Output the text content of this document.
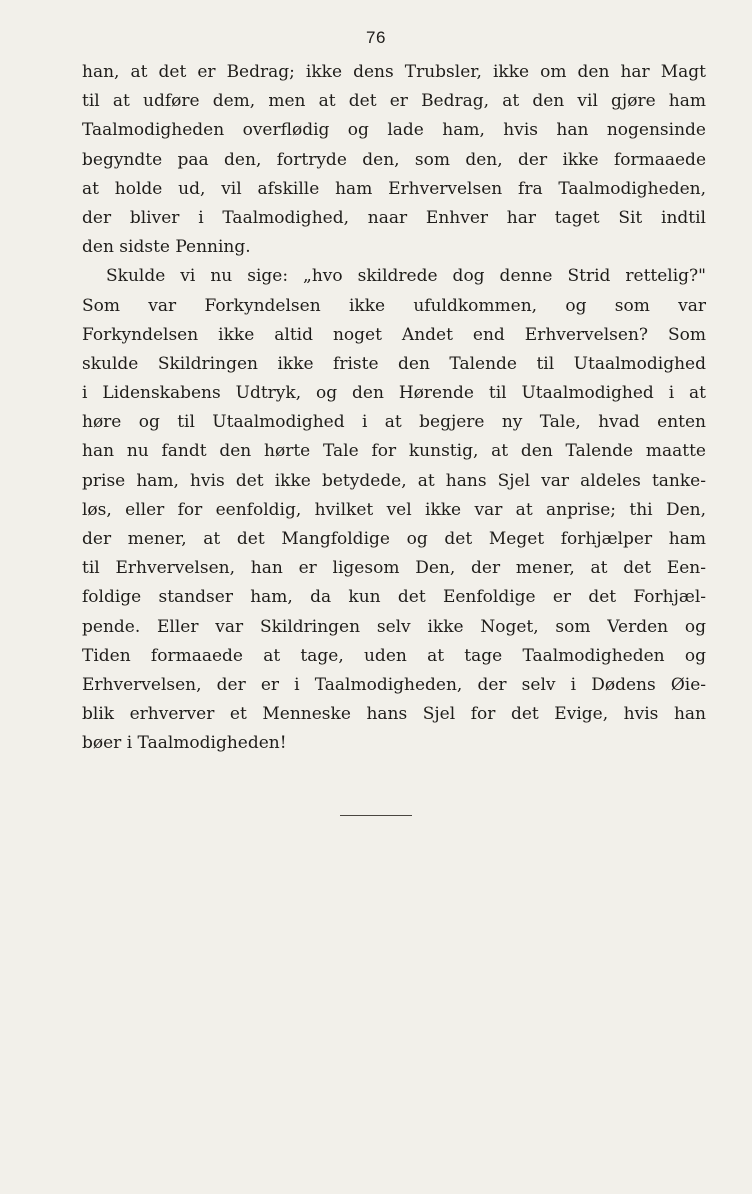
76

han, at det er Bedrag; ikke dens Trubsler, ikke om den har Magt
til at udføre dem, men at det er Bedrag, at den vil gjøre ham
Taalmodigheden overflødig og lade ham, hvis han nogensinde
begyndte paa den, fortryde den, som den, der ikke formaaede
at holde ud, vil afskille ham Erhvervelsen fra Taalmodigheden,
der bliver i Taalmodighed, naar Enhver har taget Sit indtil
den sidste Penning.

Skulde vi nu sige: „hvo skildrede dog denne Strid rettelig?"
Som var Forkyndelsen ikke ufuldkommen, og som var
Forkyndelsen ikke altid noget Andet end Erhvervelsen? Som
skulde Skildringen ikke friste den Talende til Utaalmodighed
i Lidenskabens Udtryk, og den Hørende til Utaalmodighed i at
høre og til Utaalmodighed i at begjere ny Tale, hvad enten
han nu fandt den hørte Tale for kunstig, at den Talende maatte
prise ham, hvis det ikke betydede, at hans Sjel var aldeles tanke-
løs, eller for eenfoldig, hvilket vel ikke var at anprise; thi Den,
der mener, at det Mangfoldige og det Meget forhjælper ham
til Erhvervelsen, han er ligesom Den, der mener, at det Een-
foldige standser ham, da kun det Eenfoldige er det Forhjæl-
pende. Eller var Skildringen selv ikke Noget, som Verden og
Tiden formaaede at tage, uden at tage Taalmodigheden og
Erhvervelsen, der er i Taalmodigheden, der selv i Dødens Øie-
blik erhverver et Menneske hans Sjel for det Evige, hvis han
bøer i Taalmodigheden!
